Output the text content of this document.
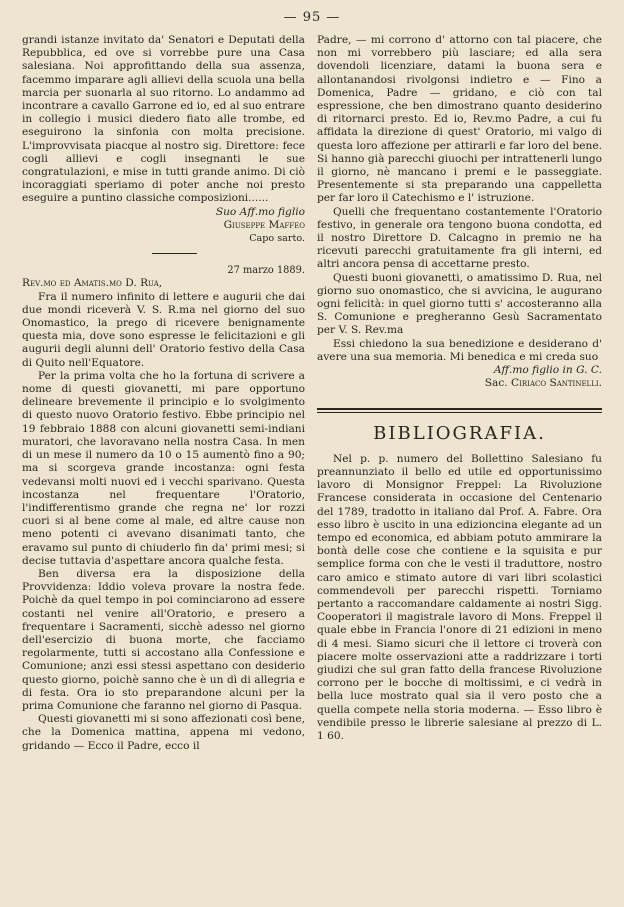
— 95 —

grandi istanze invitato da' Senatori e Deputati della Repubblica, ed ove si vorrebbe pure una Casa salesiana. Noi approfittando della sua assenza, facemmo imparare agli allievi della scuola una bella marcia per suonarla al suo ritorno. Lo andammo ad incontrare a cavallo Garrone ed io, ed al suo entrare in collegio i musici diedero fiato alle trombe, ed eseguirono la sinfonia con molta precisione. L'improvvisata piacque al nostro sig. Direttore: fece cogli allievi e cogli insegnanti le sue congratulazioni, e mise in tutti grande animo. Di ciò incoraggiati speriamo di poter anche noi presto eseguire a puntino classiche composizioni......

Suo Aff.mo figlio

Giuseppe Maffeo

Capo sarto.

27 marzo 1889.

Rev.mo ed Amatis.mo D. Rua,

Fra il numero infinito di lettere e augurii che dai due mondi riceverà V. S. R.ma nel giorno del suo Onomastico, la prego di ricevere benignamente questa mia, dove sono espresse le felicitazioni e gli augurii degli alunni dell' Oratorio festivo della Casa di Quito nell'Equatore.

Per la prima volta che ho la fortuna di scrivere a nome di questi giovanetti, mi pare opportuno delineare brevemente il principio e lo svolgimento di questo nuovo Oratorio festivo. Ebbe principio nel 19 febbraio 1888 con alcuni giovanetti semi-indiani muratori, che lavoravano nella nostra Casa. In men di un mese il numero da 10 o 15 aumentò fino a 90; ma si scorgeva grande incostanza: ogni festa vedevansi molti nuovi ed i vecchi sparivano. Questa incostanza nel frequentare l'Oratorio, l'indifferentismo grande che regna ne' lor rozzi cuori si al bene come al male, ed altre cause non meno potenti ci avevano disanimati tanto, che eravamo sul punto di chiuderlo fin da' primi mesi; si decise tuttavia d'aspettare ancora qualche festa.

Ben diversa era la disposizione della Provvidenza: Iddio voleva provare la nostra fede. Poichè da quel tempo in poi cominciarono ad essere costanti nel venire all'Oratorio, e presero a frequentare i Sacramenti, sicchè adesso nel giorno dell'esercizio di buona morte, che facciamo regolarmente, tutti si accostano alla Confessione e Comunione; anzi essi stessi aspettano con desiderio questo giorno, poichè sanno che è un dì di allegria e di festa. Ora io sto preparandone alcuni per la prima Comunione che faranno nel giorno di Pasqua.

Questi giovanetti mi si sono affezionati così bene, che la Domenica mattina, appena mi vedono, gridando — Ecco il Padre, ecco il

Padre, — mi corrono d' attorno con tal piacere, che non mi vorrebbero più lasciare; ed alla sera dovendoli licenziare, datami la buona sera e allontanandosi rivolgonsi indietro e — Fino a Domenica, Padre — gridano, e ciò con tal espressione, che ben dimostrano quanto desiderino di ritornarci presto. Ed io, Rev.mo Padre, a cui fu affidata la direzione di quest' Oratorio, mi valgo di questa loro affezione per attirarli e far loro del bene. Si hanno già parecchi giuochi per intrattenerli lungo il giorno, nè mancano i premi e le passeggiate. Presentemente si sta preparando una cappelletta per far loro il Catechismo e l' istruzione.

Quelli che frequentano costantemente l'Oratorio festivo, in generale ora tengono buona condotta, ed il nostro Direttore D. Calcagno in premio ne ha ricevuti parecchi gratuitamente fra gli interni, ed altri ancora pensa di accettarne presto.

Questi buoni giovanetti, o amatissimo D. Rua, nel giorno suo onomastico, che si avvicina, le augurano ogni felicità: in quel giorno tutti s' accosteranno alla S. Comunione e pregheranno Gesù Sacramentato per V. S. Rev.ma

Essi chiedono la sua benedizione e desiderano d' avere una sua memoria. Mi benedica e mi creda suo

Aff.mo figlio in G. C.

Sac. Ciriaco Santinelli.

BIBLIOGRAFIA.

Nel p. p. numero del Bollettino Salesiano fu preannunziato il bello ed utile ed opportunissimo lavoro di Monsignor Freppel: La Rivoluzione Francese considerata in occasione del Centenario del 1789, tradotto in italiano dal Prof. A. Fabre. Ora esso libro è uscito in una edizioncina elegante ad un tempo ed economica, ed abbiam potuto ammirare la bontà delle cose che contiene e la squisita e pur semplice forma con che le vesti il traduttore, nostro caro amico e stimato autore di vari libri scolastici commendevoli per parecchi rispetti. Torniamo pertanto a raccomandare caldamente ai nostri Sigg. Cooperatori il magistrale lavoro di Mons. Freppel il quale ebbe in Francia l'onore di 21 edizioni in meno di 4 mesi. Siamo sicuri che il lettore ci troverà con piacere molte osservazioni atte a raddrizzare i torti giudizi che sul gran fatto della francese Rivoluzione corrono per le bocche di moltissimi, e ci vedrà in bella luce mostrato qual sia il vero posto che a quella compete nella storia moderna. — Esso libro è vendibile presso le librerie salesiane al prezzo di L. 1 60.
